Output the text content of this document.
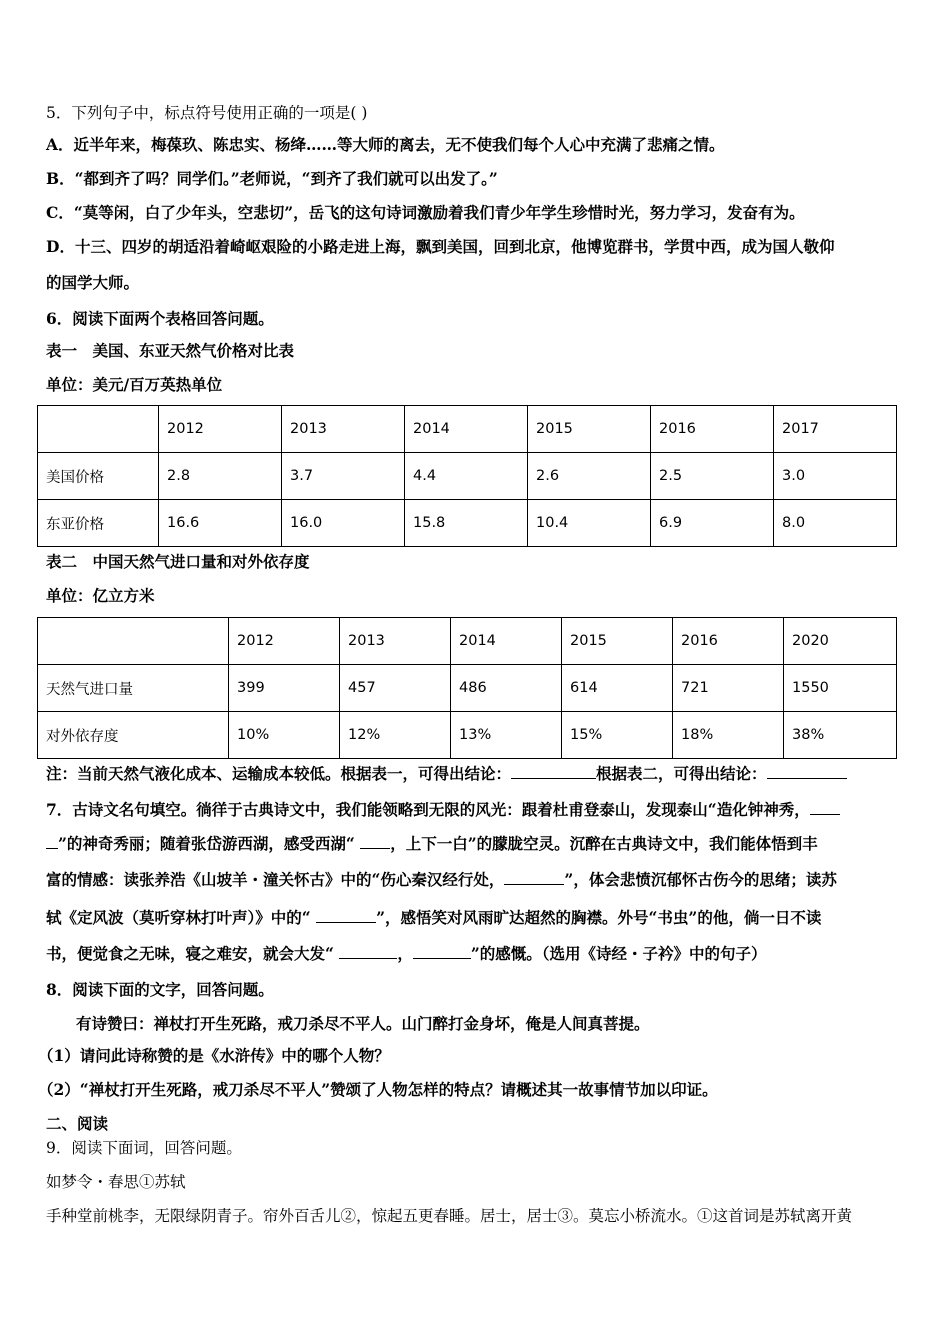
5．下列句子中，标点符号使用正确的一项是( )
A．近半年来，梅葆玖、陈忠实、杨绛……等大师的离去，无不使我们每个人心中充满了悲痛之情。
B．“都到齐了吗？同学们。”老师说，“到齐了我们就可以出发了。”
C．“莫等闲，白了少年头，空悲切”，岳飞的这句诗词激励着我们青少年学生珍惜时光，努力学习，发奋有为。
D．十三、四岁的胡适沿着崎岖艰险的小路走进上海，飘到美国，回到北京，他博览群书，学贯中西，成为国人敬仰
的国学大师。
6．阅读下面两个表格回答问题。
表一　美国、东亚天然气价格对比表
单位：美元/百万英热单位
	2012	2013	2014	2015	2016	2017
美国价格	2.8	3.7	4.4	2.6	2.5	3.0
东亚价格	16.6	16.0	15.8	10.4	6.9	8.0
表二　中国天然气进口量和对外依存度
单位：亿立方米
	2012	2013	2014	2015	2016	2020
天然气进口量	399	457	486	614	721	1550
对外依存度	10%	12%	13%	15%	18%	38%
注：当前天然气液化成本、运输成本较低。根据表一，可得出结论：	根据表二，可得出结论：
7．古诗文名句填空。徜徉于古典诗文中，我们能领略到无限的风光：跟着杜甫登泰山，发现泰山“造化钟神秀，
”的神奇秀丽；随着张岱游西湖，感受西湖“ ，上下一白”的朦胧空灵。沉醉在古典诗文中，我们能体悟到丰
富的情感：读张养浩《山坡羊・潼关怀古》中的“伤心秦汉经行处，	”，体会悲愤沉郁怀古伤今的思绪；读苏
轼《定风波（莫听穿林打叶声）》中的“	”，感悟笑对风雨旷达超然的胸襟。外号“书虫”的他，倘一日不读
书，便觉食之无味，寝之难安，就会大发“	，	”的感慨。（选用《诗经・子衿》中的句子）
8．阅读下面的文字，回答问题。
有诗赞曰：禅杖打开生死路，戒刀杀尽不平人。山门醉打金身坏，俺是人间真菩提。
（1）请问此诗称赞的是《水浒传》中的哪个人物？
（2）“禅杖打开生死路，戒刀杀尽不平人”赞颂了人物怎样的特点？请概述其一故事情节加以印证。
二、阅读
9．阅读下面词，回答问题。
如梦令・春思①苏轼
手种堂前桃李，无限绿阴青子。帘外百舌儿②，惊起五更春睡。居士，居士③。莫忘小桥流水。①这首词是苏轼离开黄
